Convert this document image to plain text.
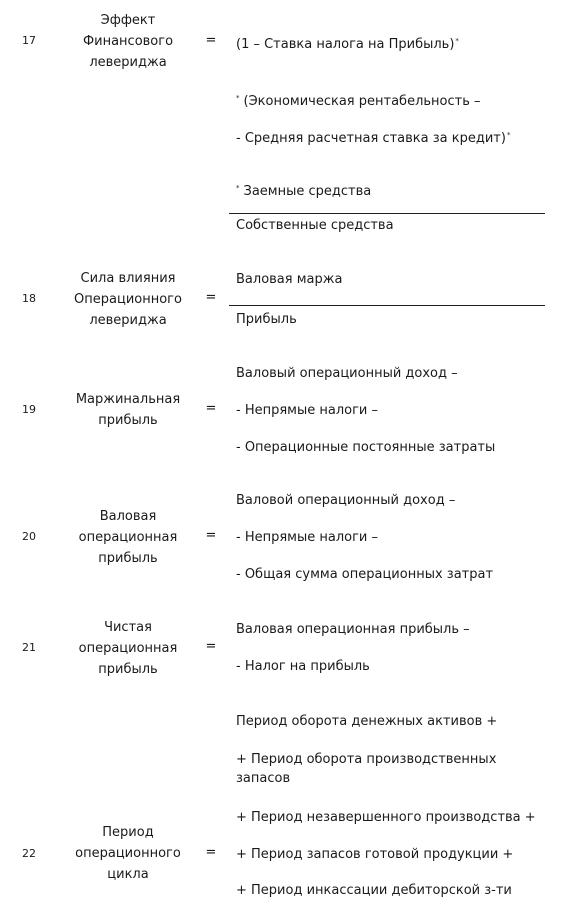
17
Эффект
Финансового
левериджа
=	(1 – Ставка налога на Прибыль)*
* (Экономическая рентабельность –
- Средняя расчетная ставка за кредит)*
* Заемные средства
Собственные средства
18
Сила влияния
Операционного
левериджа
=
Валовая маржа
Прибыль
19
Маржинальная
прибыль
=
Валовый операционный доход –
- Непрямые налоги –
- Операционные постоянные затраты
20
Валовая
операционная
прибыль
=
Валовой операционный доход –
- Непрямые налоги –
- Общая сумма операционных затрат
21
Чистая
операционная
прибыль
=
Валовая операционная прибыль –
- Налог на прибыль
22
Период
операционного
цикла
=
Период оборота денежных активов +
+ Период оборота производственных запасов
+ Период незавершенного производства +
+ Период запасов готовой продукции +
+ Период инкассации дебиторской з-ти
